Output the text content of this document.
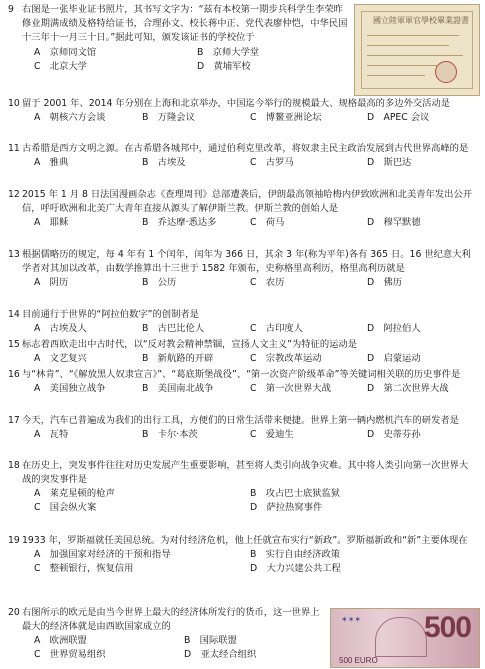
9 右图是一张毕业证书照片，其书写文字为：“兹有本校第一期步兵科学生李荣昨修业期满成绩及格特给证书，合理孙文、校长蒋中正、党代表廖仲恺，中华民国十三年十一月三十日。”据此可知，颁发该证书的学校位于
A　京师同文馆	B　京师大学堂
C　北京大学	D　黄埔军校
國立陸軍軍官學校畢業證書
10 留于 2001 年、2014 年分别在上海和北京举办，中国迄今举行的规模最大、规格最高的多边外交活动是
A　朝核六方会谈	B　万隆会议	C　博鳌亚洲论坛	D　APEC 会议
11 古希腊是西方文明之源。在古希腊各城邦中，通过伯利克里改革，将奴隶主民主政治发展到古代世界高峰的是
A　雅典	B　古埃及	C　古罗马	D　斯巴达
12 2015 年 1 月 8 日法国漫画杂志《查理周刊》总部遭袭后，伊朗最高领袖哈梅内伊致欧洲和北美青年发出公开信，呼吁欧洲和北美广大青年直接从源头了解伊斯兰教。伊斯兰教的创始人是
A　耶稣	B　乔达摩·悉达多	C　荷马	D　穆罕默德
13 根据儒略历的规定，每 4 年有 1 个闰年，闰年为 366 日，其余 3 年(称为平年)各有 365 日。16 世纪意大利学者对其加以改革，由数学推算出十三世于 1582 年颁布，史称格里高利历，格里高利历就是
A　阴历	B　公历	C　农历	D　佛历
14 目前通行于世界的“阿拉伯数字”的创制者是
A　古埃及人	B　古巴比伦人	C　古印度人	D　阿拉伯人
15 标志着西欧走出中古时代，以“反对教会精神禁锢，宣扬人文主义”为特征的运动是
A　文艺复兴	B　新航路的开辟	C　宗教改革运动	D　启蒙运动
16 与“林肯”、“《解放黑人奴隶宣言》”、“葛底斯堡战役”、“第一次资产阶级革命”等关键词相关联的历史事件是
A　美国独立战争	B　美国南北战争	C　第一次世界大战	D　第二次世界大战
17 今天，汽车已普遍成为我们的出行工具，方便们的日常生活带来便捷。世界上第一辆内燃机汽车的研发者是
A　瓦特	B　卡尔·本茨	C　爱迪生	D　史蒂芬孙
18 在历史上，突发事件往往对历史发展产生重要影响，甚至将人类引向战争灾难。其中将人类引向第一次世界大战的突发事件是
A　莱克星顿的枪声	B　攻占巴士底狱监狱
C　国会纵火案	D　萨拉热窝事件
19 1933 年，罗斯福就任美国总统。为对付经济危机，他上任就宣布实行“新政”。罗斯福新政和“新”主要体现在
A　加强国家对经济的干预和指导	B　实行自由经济政策
C　整顿银行，恢复信用	D　大力兴建公共工程
20 右图所示的欧元是由当今世界上最大的经济体所发行的货币，这一世界上最大的经济体就是由西欧国家成立的
A　欧洲联盟	B　国际联盟
C　世界贸易组织	D　亚太经合组织
✶✶✶ 500
500 EURO
